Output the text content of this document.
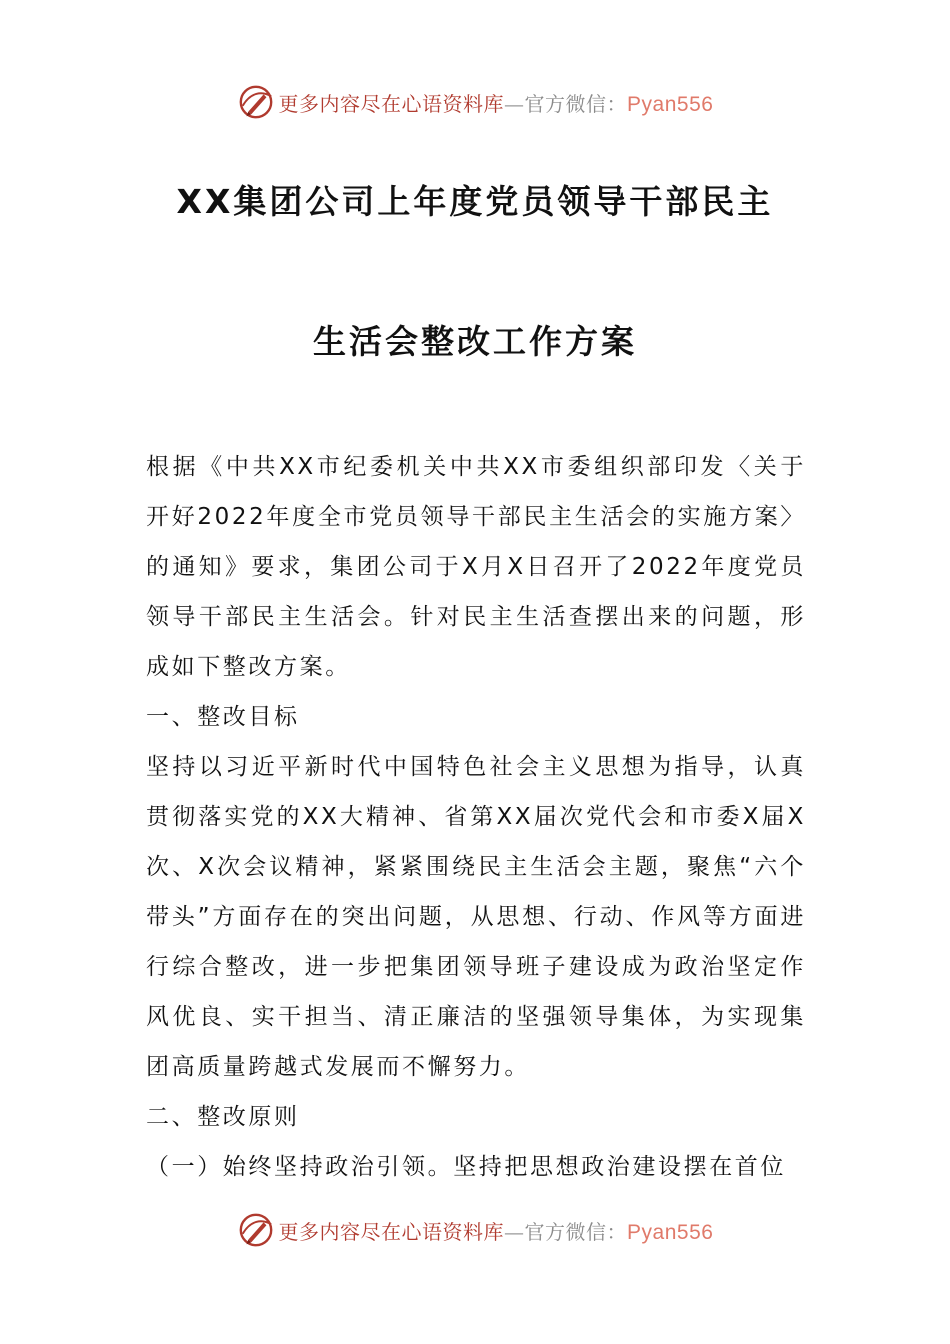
更多内容尽在心语资料库—官方微信：Pyan556
XX集团公司上年度党员领导干部民主
生活会整改工作方案

根据《中共XX市纪委机关中共XX市委组织部印发〈关于开好2022年度全市党员领导干部民主生活会的实施方案〉的通知》要求，集团公司于X月X日召开了2022年度党员领导干部民主生活会。针对民主生活查摆出来的问题，形成如下整改方案。

一、整改目标

坚持以习近平新时代中国特色社会主义思想为指导，认真贯彻落实党的XX大精神、省第XX届次党代会和市委X届X次、X次会议精神，紧紧围绕民主生活会主题，聚焦“六个带头”方面存在的突出问题，从思想、行动、作风等方面进行综合整改，进一步把集团领导班子建设成为政治坚定作风优良、实干担当、清正廉洁的坚强领导集体，为实现集团高质量跨越式发展而不懈努力。

二、整改原则

（一）始终坚持政治引领。坚持把思想政治建设摆在首位

更多内容尽在心语资料库—官方微信：Pyan556
